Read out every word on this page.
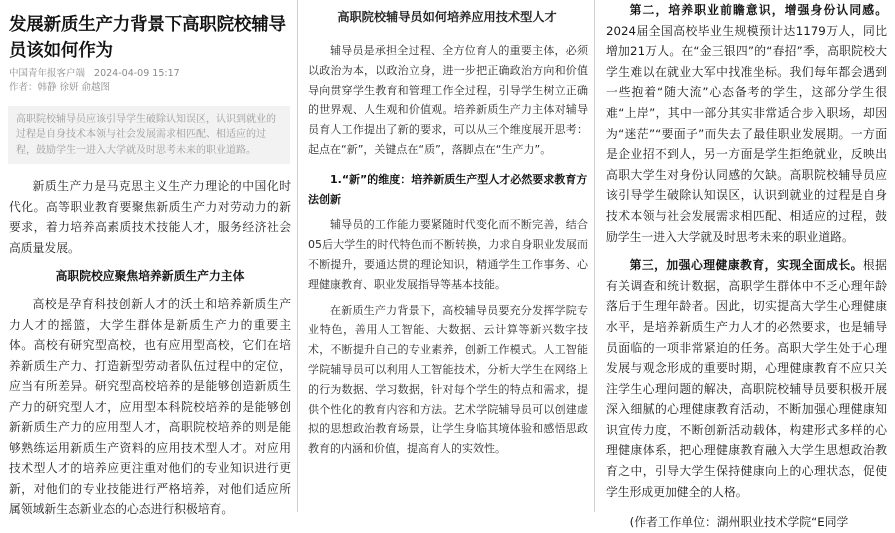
发展新质生产力背景下高职院校辅导员该如何作为
中国青年报客户端 2024-04-09 15:17
作者：韩静 徐妍 俞越图
高职院校辅导员应该引导学生破除认知误区，认识到就业的过程是自身技术本领与社会发展需求相匹配、相适应的过程，鼓励学生一进入大学就及时思考未来的职业道路。

新质生产力是马克思主义生产力理论的中国化时代化。高等职业教育要聚焦新质生产力对劳动力的新要求，着力培养高素质技术技能人才，服务经济社会高质量发展。

高职院校应聚焦培养新质生产力主体

高校是孕育科技创新人才的沃土和培养新质生产力人才的摇篮，大学生群体是新质生产力的重要主体。高校有研究型高校，也有应用型高校，它们在培养新质生产力、打造新型劳动者队伍过程中的定位，应当有所差异。研究型高校培养的是能够创造新质生产力的研究型人才，应用型本科院校培养的是能够创新新质生产力的应用型人才，高职院校培养的则是能够熟练运用新质生产资料的应用技术型人才。对应用技术型人才的培养应更注重对他们的专业知识进行更新，对他们的专业技能进行严格培养，对他们适应所属领域新生态新业态的心态进行积极培育。

高职院校辅导员如何培养应用技术型人才

辅导员是承担全过程、全方位育人的重要主体，必须以政治为本，以政治立身，进一步把正确政治方向和价值导向贯穿学生教育和管理工作全过程，引导学生树立正确的世界观、人生观和价值观。培养新质生产力主体对辅导员育人工作提出了新的要求，可以从三个维度展开思考：起点在“新”，关键点在“质”，落脚点在“生产力”。

1.“新”的维度：培养新质生产型人才必然要求教育方法创新

辅导员的工作能力要紧随时代变化而不断完善，结合05后大学生的时代特色而不断转换，力求自身职业发展而不断提升，要通达贯的理论知识，精通学生工作事务、心理健康教育、职业发展指导等基本技能。

在新质生产力背景下，高校辅导员要充分发挥学院专业特色，善用人工智能、大数据、云计算等新兴数字技术，不断提升自己的专业素养，创新工作模式。人工智能学院辅导员可以利用人工智能技术，分析大学生在网络上的行为数据、学习数据，针对每个学生的特点和需求，提供个性化的教育内容和方法。艺术学院辅导员可以创建虚拟的思想政治教育场景，让学生身临其境体验和感悟思政教育的内涵和价值，提高育人的实效性。

第二，培养职业前瞻意识，增强身份认同感。2024届全国高校毕业生规模预计达1179万人，同比增加21万人。在“金三银四”的“春招”季，高职院校大学生难以在就业大军中找准坐标。我们每年都会遇到一些抱着“随大流”心态备考的学生，这部分学生很难“上岸”，其中一部分其实非常适合步入职场，却因为“迷茫”“要面子”而失去了最佳职业发展期。一方面是企业招不到人，另一方面是学生拒绝就业，反映出高职大学生对身份认同感的欠缺。高职院校辅导员应该引导学生破除认知误区，认识到就业的过程是自身技术本领与社会发展需求相匹配、相适应的过程，鼓励学生一进入大学就及时思考未来的职业道路。

第三，加强心理健康教育，实现全面成长。根据有关调查和统计数据，高职学生群体中不乏心理年龄落后于生理年龄者。因此，切实提高大学生心理健康水平，是培养新质生产力人才的必然要求，也是辅导员面临的一项非常紧迫的任务。高职大学生处于心理发展与观念形成的重要时期，心理健康教育不应只关注学生心理问题的解决，高职院校辅导员要积极开展深入细腻的心理健康教育活动，不断加强心理健康知识宣传力度，不断创新活动载体，构建形式多样的心理健康体系，把心理健康教育融入大学生思想政治教育之中，引导大学生保持健康向上的心理状态，促使学生形成更加健全的人格。

(作者工作单位：湖州职业技术学院“E同学
